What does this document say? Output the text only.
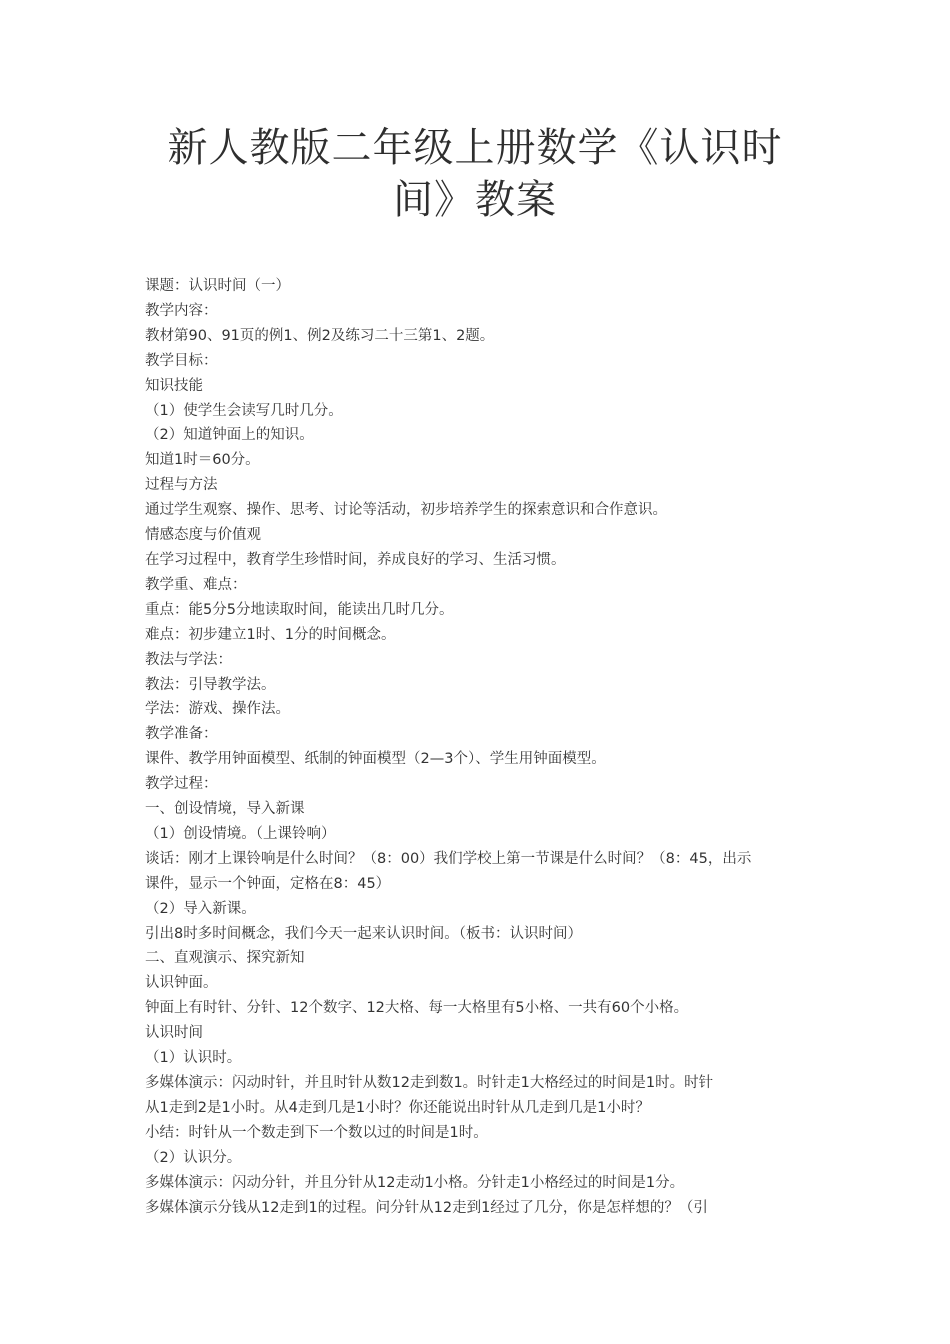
新人教版二年级上册数学《认识时间》教案

课题：认识时间（一）

教学内容：

教材第90、91页的例1、例2及练习二十三第1、2题。

教学目标：

知识技能

（1）使学生会读写几时几分。

（2）知道钟面上的知识。

知道1时＝60分。

过程与方法

通过学生观察、操作、思考、讨论等活动，初步培养学生的探索意识和合作意识。

情感态度与价值观

在学习过程中，教育学生珍惜时间，养成良好的学习、生活习惯。

教学重、难点：

重点：能5分5分地读取时间，能读出几时几分。

难点：初步建立1时、1分的时间概念。

教法与学法：

教法：引导教学法。

学法：游戏、操作法。

教学准备：

课件、教学用钟面模型、纸制的钟面模型（2—3个）、学生用钟面模型。

教学过程：

一、创设情境，导入新课

（1）创设情境。（上课铃响）

谈话：刚才上课铃响是什么时间？（8：00）我们学校上第一节课是什么时间？（8：45，出示

课件，显示一个钟面，定格在8：45）

（2）导入新课。

引出8时多时间概念，我们今天一起来认识时间。（板书：认识时间）

二、直观演示、探究新知

认识钟面。

钟面上有时针、分针、12个数字、12大格、每一大格里有5小格、一共有60个小格。

认识时间

（1）认识时。

多媒体演示：闪动时针，并且时针从数12走到数1。时针走1大格经过的时间是1时。时针

从1走到2是1小时。从4走到几是1小时？你还能说出时针从几走到几是1小时？

小结：时针从一个数走到下一个数以过的时间是1时。

（2）认识分。

多媒体演示：闪动分针，并且分针从12走动1小格。分针走1小格经过的时间是1分。

多媒体演示分钱从12走到1的过程。问分针从12走到1经过了几分，你是怎样想的？（引
